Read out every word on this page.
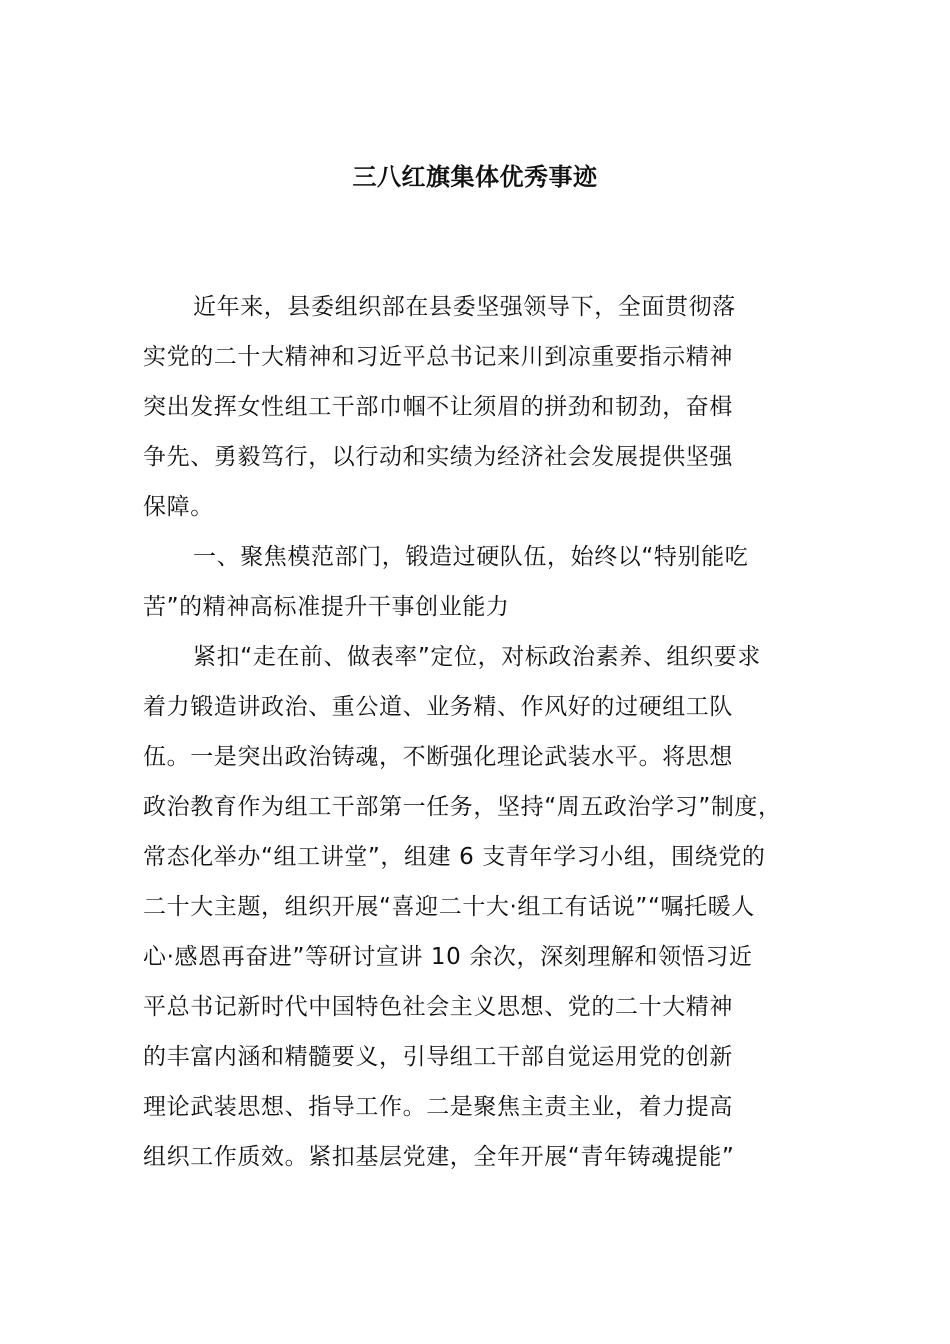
三八红旗集体优秀事迹
近年来，县委组织部在县委坚强领导下，全面贯彻落
实党的二十大精神和习近平总书记来川到凉重要指示精神
突出发挥女性组工干部巾帼不让须眉的拼劲和韧劲，奋楫
争先、勇毅笃行，以行动和实绩为经济社会发展提供坚强
保障。
一、聚焦模范部门，锻造过硬队伍，始终以“特别能吃
苦”的精神高标准提升干事创业能力
紧扣“走在前、做表率”定位，对标政治素养、组织要求
着力锻造讲政治、重公道、业务精、作风好的过硬组工队
伍。一是突出政治铸魂，不断强化理论武装水平。将思想
政治教育作为组工干部第一任务，坚持“周五政治学习”制度，
常态化举办“组工讲堂”，组建 6 支青年学习小组，围绕党的
二十大主题，组织开展“喜迎二十大·组工有话说”“嘱托暖人
心·感恩再奋进”等研讨宣讲 10 余次，深刻理解和领悟习近
平总书记新时代中国特色社会主义思想、党的二十大精神
的丰富内涵和精髓要义，引导组工干部自觉运用党的创新
理论武装思想、指导工作。二是聚焦主责主业，着力提高
组织工作质效。紧扣基层党建，全年开展“青年铸魂提能”
